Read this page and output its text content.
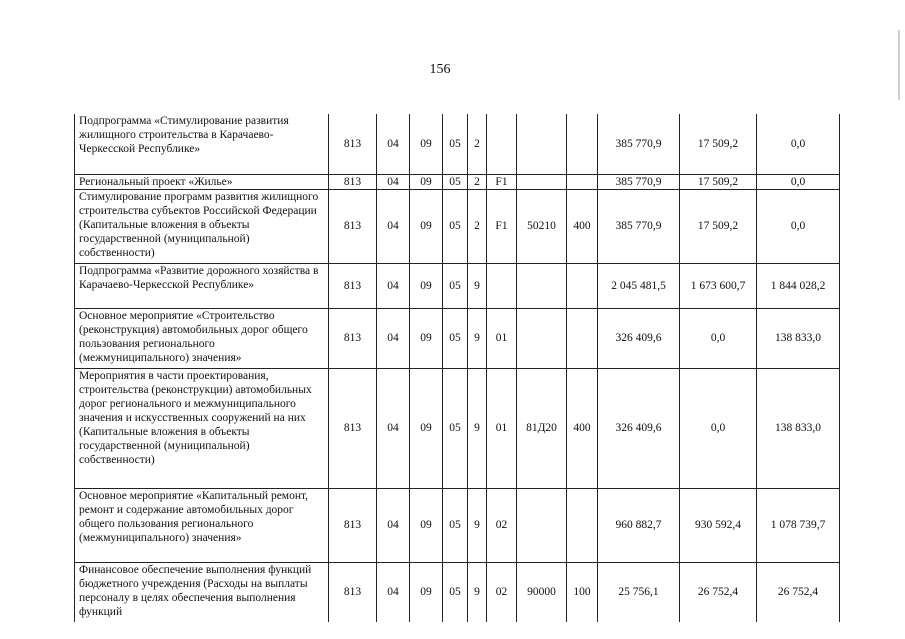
156
Подпрограмма «Стимулирование развития жилищного строительства в Карачаево-Черкесской Республике»	813	04	09	05	2				385 770,9	17 509,2	0,0
Региональный проект «Жилье»	813	04	09	05	2	F1			385 770,9	17 509,2	0,0
Стимулирование программ развития жилищного строительства субъектов Российской Федерации (Капитальные вложения в объекты государственной (муниципальной) собственности)	813	04	09	05	2	F1	50210	400	385 770,9	17 509,2	0,0
Подпрограмма «Развитие дорожного хозяйства в Карачаево-Черкесской Республике»	813	04	09	05	9				2 045 481,5	1 673 600,7	1 844 028,2
Основное мероприятие «Строительство (реконструкция) автомобильных дорог общего пользования регионального (межмуниципального) значения»	813	04	09	05	9	01			326 409,6	0,0	138 833,0
Мероприятия в части проектирования, строительства (реконструкции) автомобильных дорог регионального и межмуниципального значения и искусственных сооружений на них (Капитальные вложения в объекты государственной (муниципальной) собственности)	813	04	09	05	9	01	81Д20	400	326 409,6	0,0	138 833,0
Основное мероприятие «Капитальный ремонт, ремонт и содержание автомобильных дорог общего пользования регионального (межмуниципального) значения»	813	04	09	05	9	02			960 882,7	930 592,4	1 078 739,7
Финансовое обеспечение выполнения функций бюджетного учреждения (Расходы на выплаты персоналу в целях обеспечения выполнения функций	813	04	09	05	9	02	90000	100	25 756,1	26 752,4	26 752,4
